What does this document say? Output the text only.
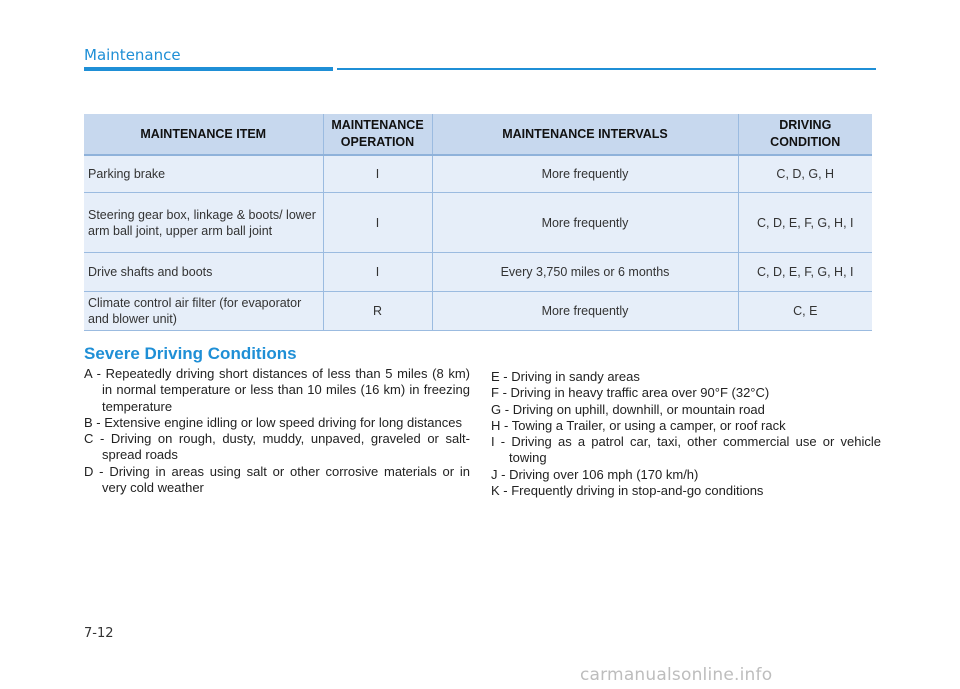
Maintenance
MAINTENANCE ITEM	MAINTENANCE OPERATION	MAINTENANCE INTERVALS	DRIVING CONDITION
Parking brake	I	More frequently	C, D, G, H
Steering gear box, linkage & boots/ lower arm ball joint, upper arm ball joint	I	More frequently	C, D, E, F, G, H, I
Drive shafts and boots	I	Every 3,750 miles or 6 months	C, D, E, F, G, H, I
Climate control air filter (for evaporator and blower unit)	R	More frequently	C, E
Severe Driving Conditions

A - Repeatedly driving short distances of less than 5 miles (8 km) in normal temperature or less than 10 miles (16 km) in freezing temperature

B - Extensive engine idling or low speed driving for long distances

C - Driving on rough, dusty, muddy, unpaved, graveled or salt-spread roads

D - Driving in areas using salt or other corrosive materials or in very cold weather

E - Driving in sandy areas

F - Driving in heavy traffic area over 90°F (32°C)

G - Driving on uphill, downhill, or mountain road

H - Towing a Trailer, or using a camper, or roof rack

I - Driving as a patrol car, taxi, other commercial use or vehicle towing

J - Driving over 106 mph (170 km/h)

K - Frequently driving in stop-and-go conditions

7-12
carmanualsonline.info
